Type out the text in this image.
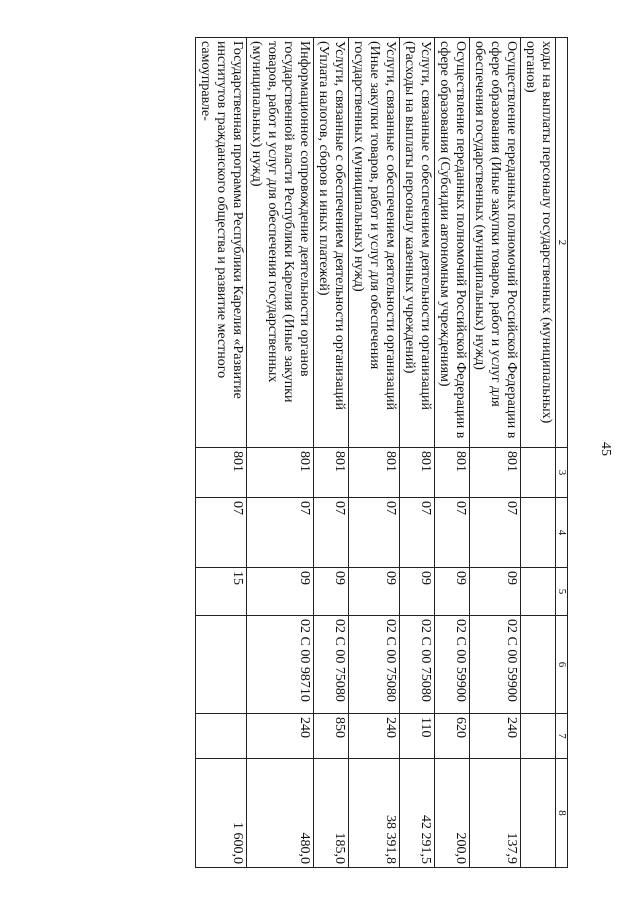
45
2	3	4	5	6	7	8
ходы на выплаты персоналу государственных (муниципальных) органов)						
Осуществление переданных полномочий Российской Федерации в сфере образования (Иные закупки товаров, работ и услуг для обеспечения государственных (муниципальных) нужд)	801	07	09	02 С 00 59900	240	137,9
Осуществление переданных полномочий Российской Федерации в сфере образования (Субсидии автономным учреждениям)	801	07	09	02 С 00 59900	620	200,0
Услуги, связанные с обеспечением деятельности организаций (Расходы на выплаты персоналу казенных учреждений)	801	07	09	02 С 00 75080	110	42 291,5
Услуги, связанные с обеспечением деятельности организаций (Иные закупки товаров, работ и услуг для обеспечения государственных (муниципальных) нужд)	801	07	09	02 С 00 75080	240	38 391,8
Услуги, связанные с обеспечением деятельности организаций (Уплата налогов, сборов и иных платежей)	801	07	09	02 С 00 75080	850	185,0
Информационное сопровождение деятельности органов государственной власти Республики Карелия (Иные закупки товаров, работ и услуг для обеспечения государственных (муниципальных) нужд)	801	07	09	02 С 00 98710	240	480,0
Государственная программа Республики Карелия «Развитие институтов гражданского общества и развитие местного самоуправле-	801	07	15			1 600,0
